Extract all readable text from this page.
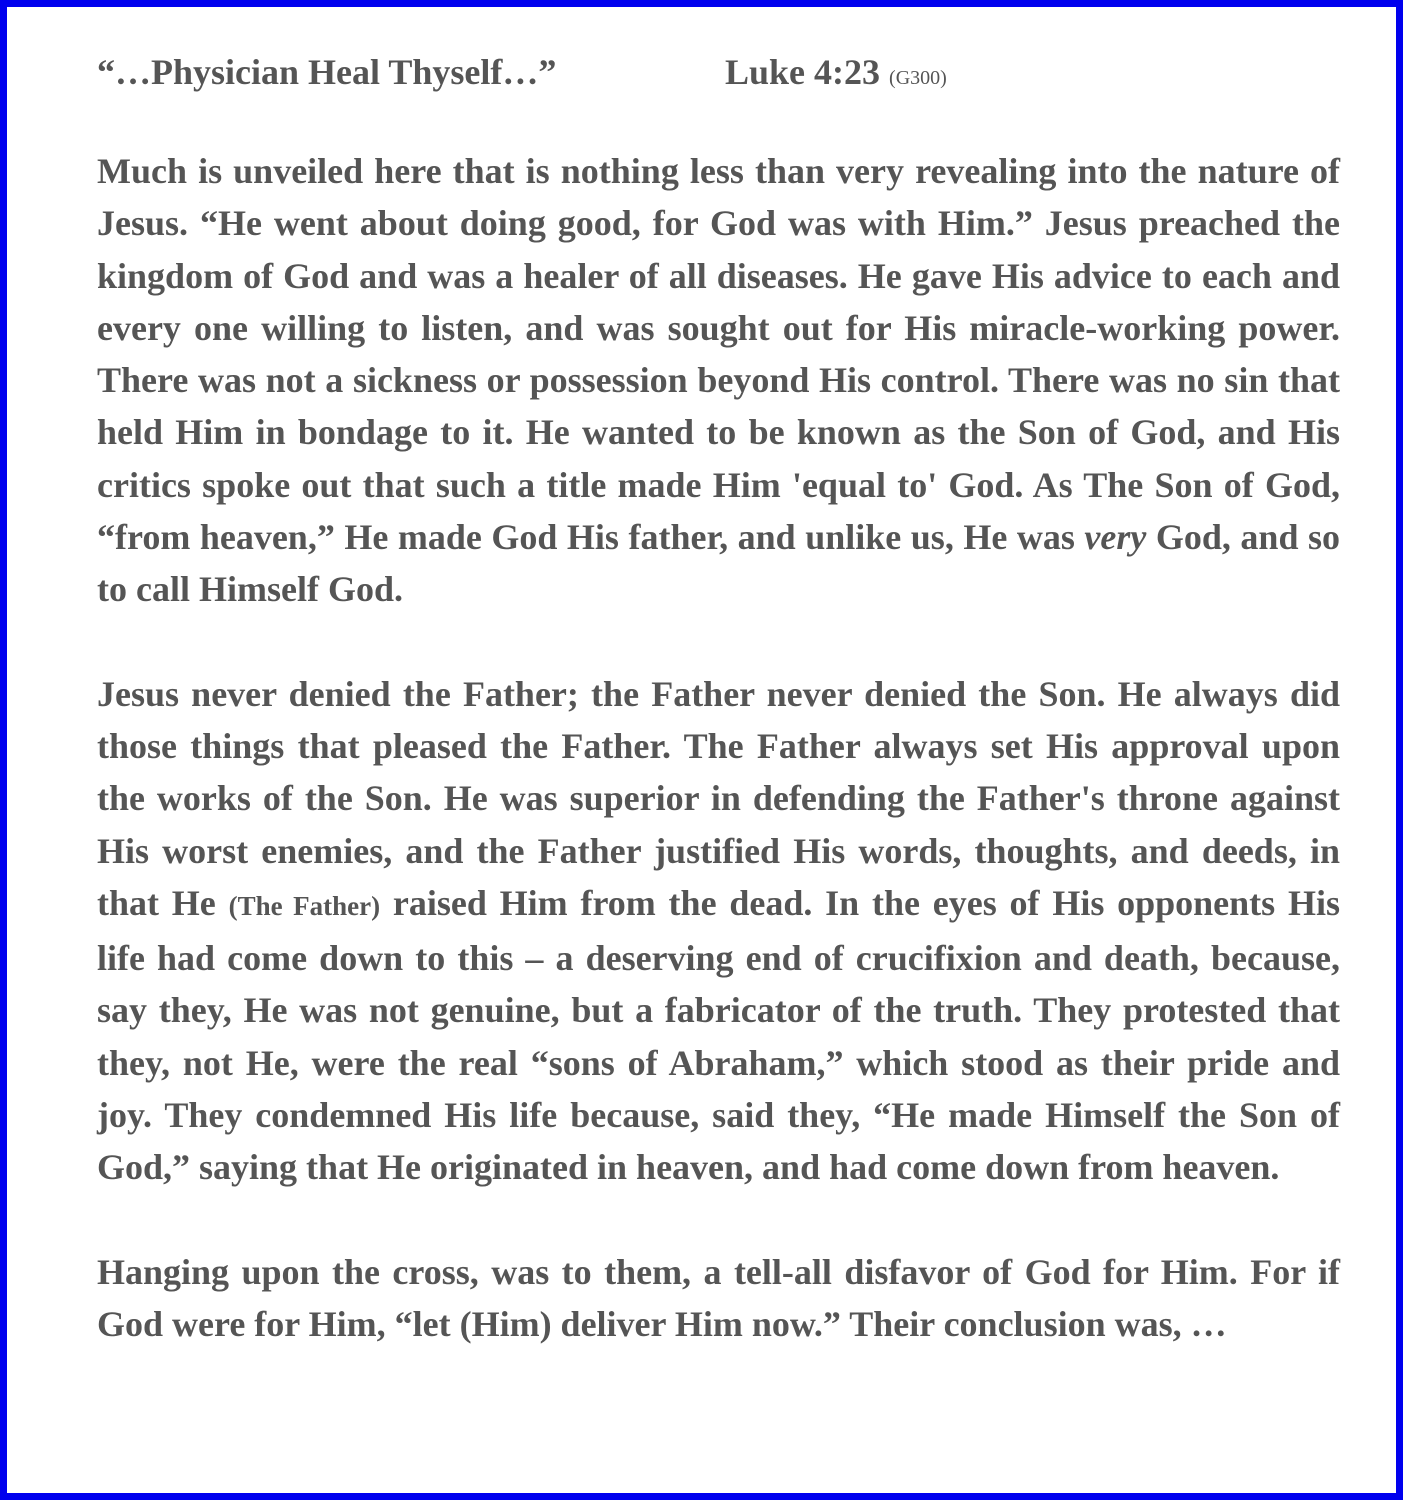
“…Physician Heal Thyself…”	Luke 4:23 (G300)

Much is unveiled here that is nothing less than very revealing into the nature of Jesus. “He went about doing good, for God was with Him.” Jesus preached the kingdom of God and was a healer of all diseases. He gave His advice to each and every one willing to listen, and was sought out for His miracle-working power. There was not a sickness or possession beyond His control. There was no sin that held Him in bondage to it. He wanted to be known as the Son of God, and His critics spoke out that such a title made Him 'equal to' God. As The Son of God, “from heaven,” He made God His father, and unlike us, He was very God, and so to call Himself God.

Jesus never denied the Father; the Father never denied the Son. He always did those things that pleased the Father. The Father always set His approval upon the works of the Son. He was superior in defending the Father's throne against His worst enemies, and the Father justified His words, thoughts, and deeds, in that He (The Father) raised Him from the dead. In the eyes of His opponents His life had come down to this – a deserving end of crucifixion and death, because, say they, He was not genuine, but a fabricator of the truth. They protested that they, not He, were the real “sons of Abraham,” which stood as their pride and joy. They condemned His life because, said they, “He made Himself the Son of God,” saying that He originated in heaven, and had come down from heaven.

Hanging upon the cross, was to them, a tell-all disfavor of God for Him. For if God were for Him, “let (Him) deliver Him now.” Their conclusion was, …
